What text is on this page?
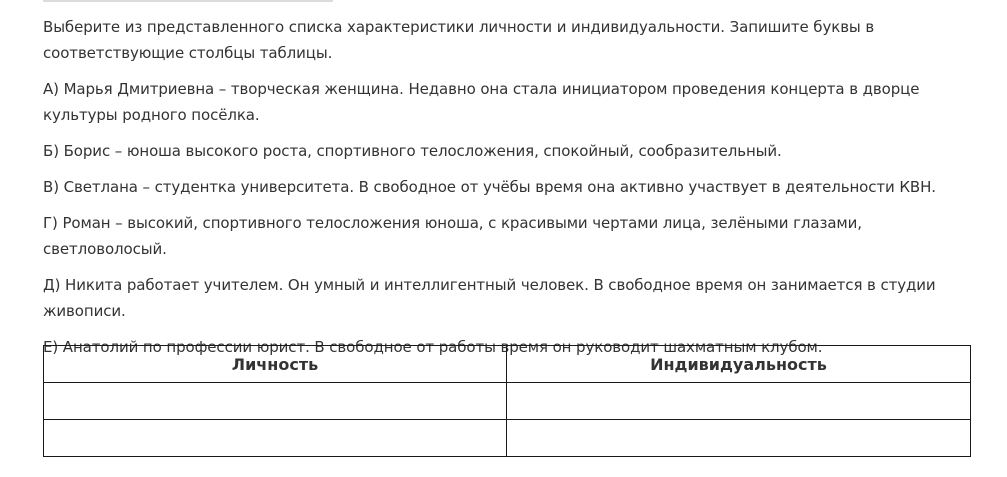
Выберите из представленного списка характеристики личности и индивидуальности. Запишите буквы в соответствующие столбцы таблицы.

А) Марья Дмитриевна – творческая женщина. Недавно она стала инициатором проведения концерта в дворце культуры родного посёлка.

Б) Борис – юноша высокого роста, спортивного телосложения, спокойный, сообразительный.

В) Светлана – студентка университета. В свободное от учёбы время она активно участвует в деятельности КВН.

Г) Роман – высокий, спортивного телосложения юноша, с красивыми чертами лица, зелёными глазами, светловолосый.

Д) Никита работает учителем. Он умный и интеллигентный человек. В свободное время он занимается в студии живописи.

Е) Анатолий по профессии юрист. В свободное от работы время он руководит шахматным клубом.

Личность	Индивидуальность
